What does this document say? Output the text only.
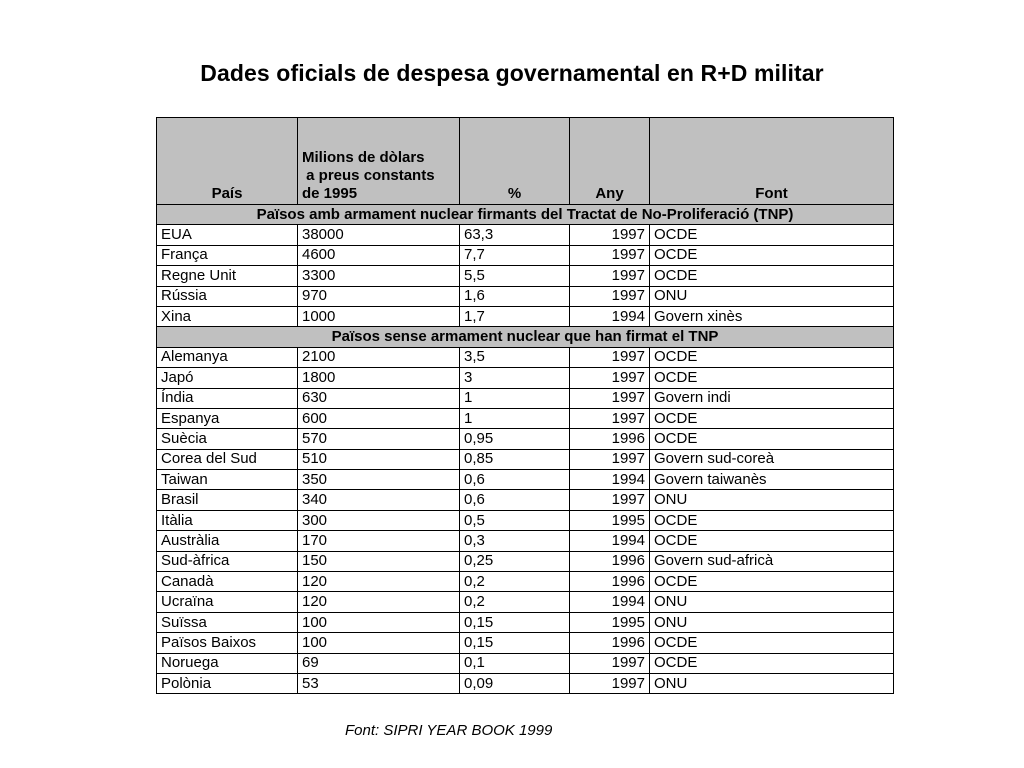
Dades oficials de despesa governamental en R+D militar
País	Milions de dòlars
a preus constants
de 1995	%	Any	Font
Països amb armament nuclear firmants del Tractat de No-Proliferació (TNP)				
EUA	38000	63,3	1997	OCDE
França	4600	7,7	1997	OCDE
Regne Unit	3300	5,5	1997	OCDE
Rússia	970	1,6	1997	ONU
Xina	1000	1,7	1994	Govern xinès
Països sense armament nuclear que han firmat el TNP				
Alemanya	2100	3,5	1997	OCDE
Japó	1800	3	1997	OCDE
Índia	630	1	1997	Govern indi
Espanya	600	1	1997	OCDE
Suècia	570	0,95	1996	OCDE
Corea del Sud	510	0,85	1997	Govern sud-coreà
Taiwan	350	0,6	1994	Govern taiwanès
Brasil	340	0,6	1997	ONU
Itàlia	300	0,5	1995	OCDE
Austràlia	170	0,3	1994	OCDE
Sud-àfrica	150	0,25	1996	Govern sud-africà
Canadà	120	0,2	1996	OCDE
Ucraïna	120	0,2	1994	ONU
Suïssa	100	0,15	1995	ONU
Països Baixos	100	0,15	1996	OCDE
Noruega	69	0,1	1997	OCDE
Polònia	53	0,09	1997	ONU
Font: SIPRI YEAR BOOK 1999
